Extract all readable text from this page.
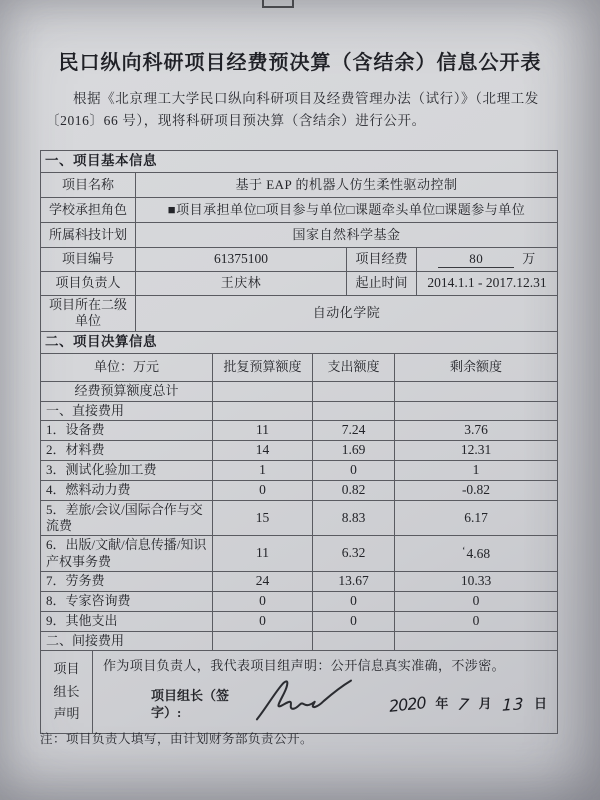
民口纵向科研项目经费预决算（含结余）信息公开表
根据《北京理工大学民口纵向科研项目及经费管理办法（试行）》（北理工发〔2016〕66 号），现将科研项目预决算（含结余）进行公开。
一、项目基本信息			
项目名称	基于 EAP 的机器人仿生柔性驱动控制		
学校承担角色	■项目承担单位□项目参与单位□课题牵头单位□课题参与单位		
所属科技计划	国家自然科学基金		
项目编号	61375100	项目经费	80 万
项目负责人	王庆林	起止时间	2014.1.1 - 2017.12.31
项目所在二级单位	自动化学院		
二、项目决算信息			
单位：万元	批复预算额度	支出额度	剩余额度
经费预算额度总计			
一、直接费用			
1．设备费	11	7.24	3.76
2．材料费	14	1.69	12.31
3．测试化验加工费	1	0	1
4．燃料动力费	0	0.82	-0.82
5．差旅/会议/国际合作与交流费	15	8.83	6.17
6．出版/文献/信息传播/知识产权事务费	11	6.32	$^ʻ$4.68
7．劳务费	24	13.67	10.33
8．专家咨询费	0	0	0
9．其他支出	0	0	0
二、间接费用			
项目组长声明	
作为项目负责人，我代表项目组声明：公开信息真实准确，不涉密。
项目组长（签字）:	2020 年 7 月 13 日
注：项目负责人填写，由计划财务部负责公开。
